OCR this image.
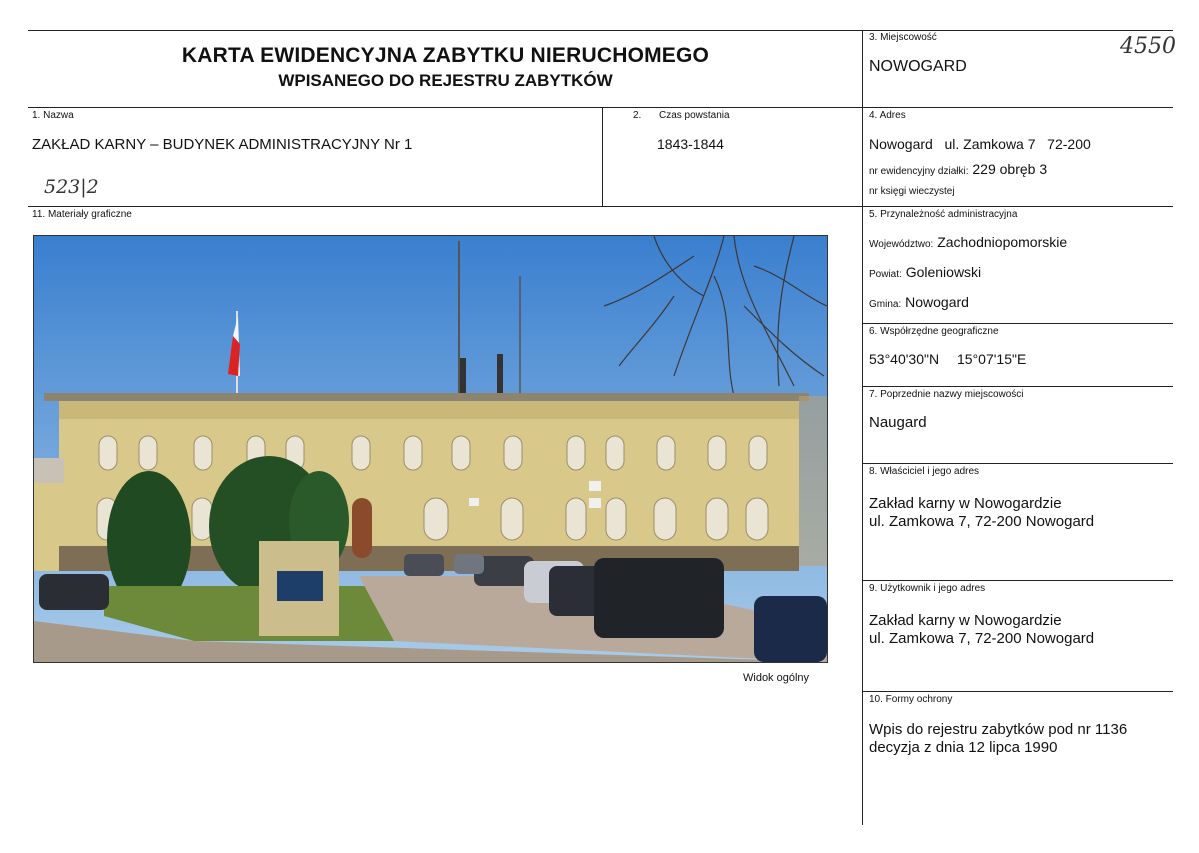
KARTA EWIDENCYJNA ZABYTKU NIERUCHOMEGO
WPISANEGO DO REJESTRU ZABYTKÓW
3. Miejscowość
NOWOGARD
4550
1. Nazwa
ZAKŁAD KARNY – BUDYNEK ADMINISTRACYJNY Nr 1
523|2
2. Czas powstania
1843-1844
4. Adres
Nowogard   ul. Zamkowa 7   72-200
nr ewidencyjny działki: 229 obręb 3
nr księgi wieczystej
11. Materiały graficzne
Widok ogólny
5. Przynależność administracyjna
Województwo: Zachodniopomorskie
Powiat: Goleniowski
Gmina: Nowogard
6. Współrzędne geograficzne
53°40'30"N 15°07'15"E
7. Poprzednie nazwy miejscowości
Naugard
8. Właściciel i jego adres
Zakład karny w Nowogardzie
ul. Zamkowa 7, 72-200 Nowogard
9. Użytkownik i jego adres
Zakład karny w Nowogardzie
ul. Zamkowa 7, 72-200 Nowogard
10. Formy ochrony
Wpis do rejestru zabytków pod nr 1136
decyzja z dnia 12 lipca 1990
